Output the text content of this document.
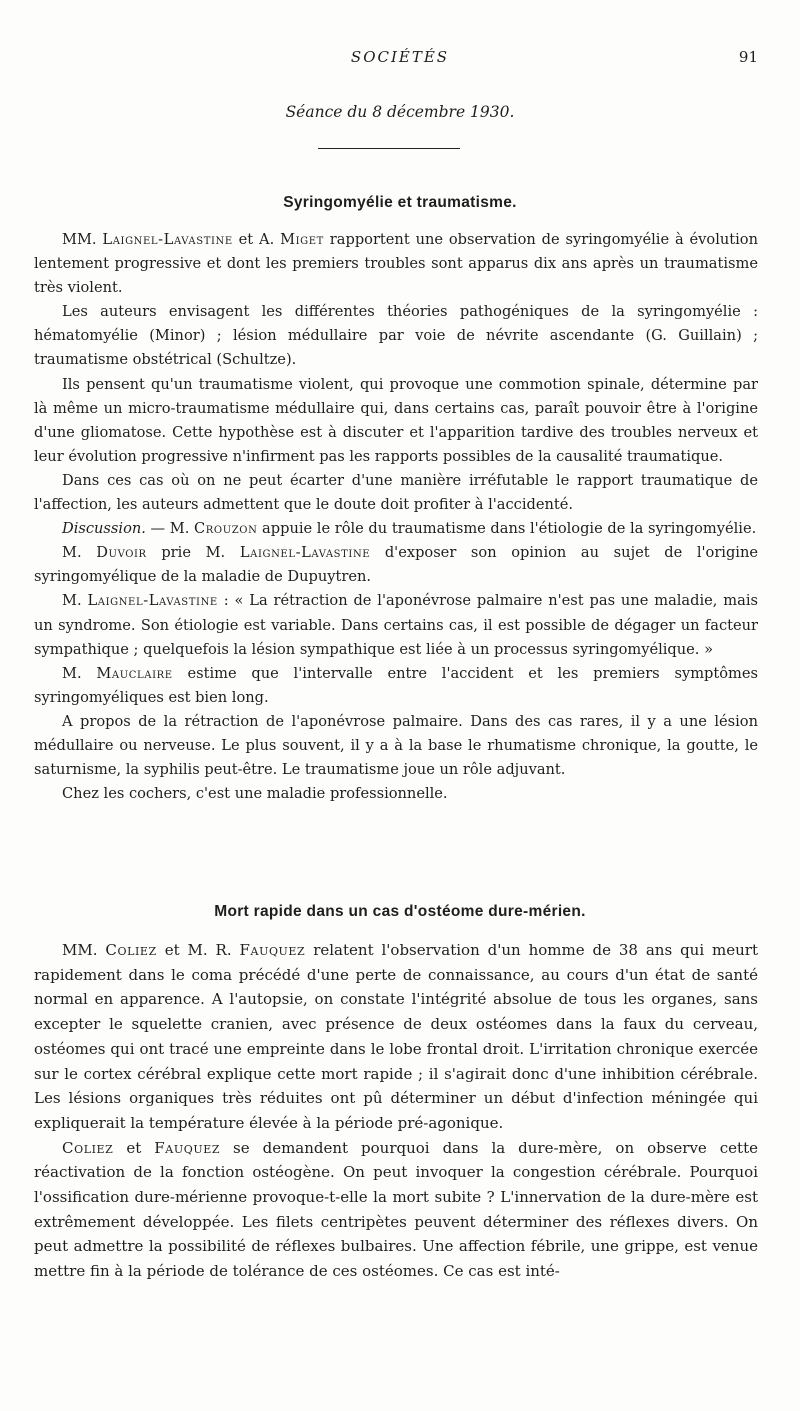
SOCIÉTÉS	91
Séance du 8 décembre 1930.
Syringomyélie et traumatisme.

MM. Laignel-Lavastine et A. Miget rapportent une observation de syringomyélie à évolution lentement progressive et dont les premiers troubles sont apparus dix ans après un traumatisme très violent.

Les auteurs envisagent les différentes théories pathogéniques de la syringomyélie : hématomyélie (Minor) ; lésion médullaire par voie de névrite ascendante (G. Guillain) ; traumatisme obstétrical (Schultze).

Ils pensent qu'un traumatisme violent, qui provoque une commotion spinale, détermine par là même un micro-traumatisme médullaire qui, dans certains cas, paraît pouvoir être à l'origine d'une gliomatose. Cette hypothèse est à discuter et l'apparition tardive des troubles nerveux et leur évolution progressive n'infirment pas les rapports possibles de la causalité traumatique.

Dans ces cas où on ne peut écarter d'une manière irréfutable le rapport traumatique de l'affection, les auteurs admettent que le doute doit profiter à l'accidenté.

Discussion. — M. Crouzon appuie le rôle du traumatisme dans l'étiologie de la syringomyélie.

M. Duvoir prie M. Laignel-Lavastine d'exposer son opinion au sujet de l'origine syringomyélique de la maladie de Dupuytren.

M. Laignel-Lavastine : « La rétraction de l'aponévrose palmaire n'est pas une maladie, mais un syndrome. Son étiologie est variable. Dans certains cas, il est possible de dégager un facteur sympathique ; quelquefois la lésion sympathique est liée à un processus syringomyélique. »

M. Mauclaire estime que l'intervalle entre l'accident et les premiers symptômes syringomyéliques est bien long.

A propos de la rétraction de l'aponévrose palmaire. Dans des cas rares, il y a une lésion médullaire ou nerveuse. Le plus souvent, il y a à la base le rhumatisme chronique, la goutte, le saturnisme, la syphilis peut-être. Le traumatisme joue un rôle adjuvant.

Chez les cochers, c'est une maladie professionnelle.

Mort rapide dans un cas d'ostéome dure-mérien.

MM. Coliez et M. R. Fauquez relatent l'observation d'un homme de 38 ans qui meurt rapidement dans le coma précédé d'une perte de connaissance, au cours d'un état de santé normal en apparence. A l'autopsie, on constate l'intégrité absolue de tous les organes, sans excepter le squelette cranien, avec présence de deux ostéomes dans la faux du cerveau, ostéomes qui ont tracé une empreinte dans le lobe frontal droit. L'irritation chronique exercée sur le cortex cérébral explique cette mort rapide ; il s'agirait donc d'une inhibition cérébrale. Les lésions organiques très réduites ont pû déterminer un début d'infection méningée qui expliquerait la température élevée à la période pré-agonique.

Coliez et Fauquez se demandent pourquoi dans la dure-mère, on observe cette réactivation de la fonction ostéogène. On peut invoquer la congestion cérébrale. Pourquoi l'ossification dure-mérienne provoque-t-elle la mort subite ? L'innervation de la dure-mère est extrêmement développée. Les filets centripètes peuvent déterminer des réflexes divers. On peut admettre la possibilité de réflexes bulbaires. Une affection fébrile, une grippe, est venue mettre fin à la période de tolérance de ces ostéomes. Ce cas est inté-
